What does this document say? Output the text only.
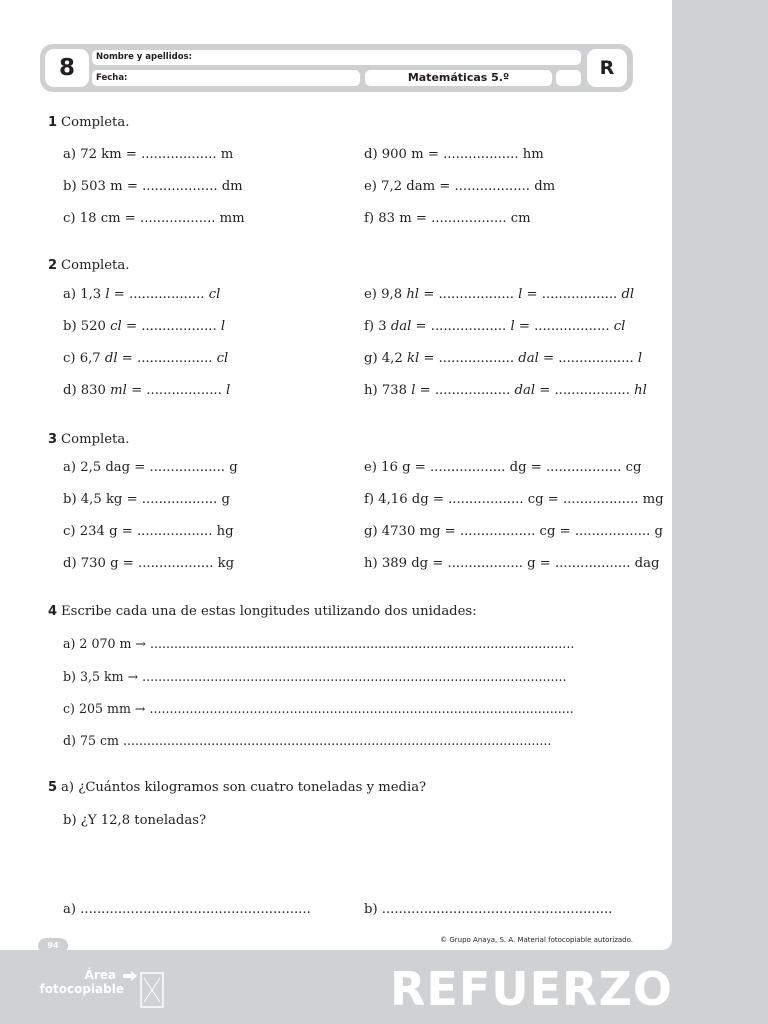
8	Nombre y apellidos:
Fecha:	Matemáticas 5.º	R
1 Completa.
a) 72 km = .................. m
b) 503 m = .................. dm
c) 18 cm = .................. mm
d) 900 m = .................. hm
e) 7,2 dam = .................. dm
f) 83 m = .................. cm
2 Completa.
a) 1,3 l = .................. cl
b) 520 cl = .................. l
c) 6,7 dl = .................. cl
d) 830 ml = .................. l
e) 9,8 hl = .................. l = .................. dl
f) 3 dal = .................. l = .................. cl
g) 4,2 kl = .................. dal = .................. l
h) 738 l = .................. dal = .................. hl
3 Completa.
a) 2,5 dag = .................. g
b) 4,5 kg = .................. g
c) 234 g = .................. hg
d) 730 g = .................. kg
e) 16 g = .................. dg = .................. cg
f) 4,16 dg = .................. cg = .................. mg
g) 4730 mg = .................. cg = .................. g
h) 389 dg = .................. g = .................. dag
4 Escribe cada una de estas longitudes utilizando dos unidades:
a) 2 070 m → ..........................................................................................................
b) 3,5 km → ..........................................................................................................
c) 205 mm → ..........................................................................................................
d) 75 cm ...........................................................................................................
5 a) ¿Cuántos kilogramos son cuatro toneladas y media?
b) ¿Y 12,8 toneladas?
a) .......................................................	b) .......................................................
94
© Grupo Anaya, S. A. Material fotocopiable autorizado.
Área
fotocopiable	REFUERZO
